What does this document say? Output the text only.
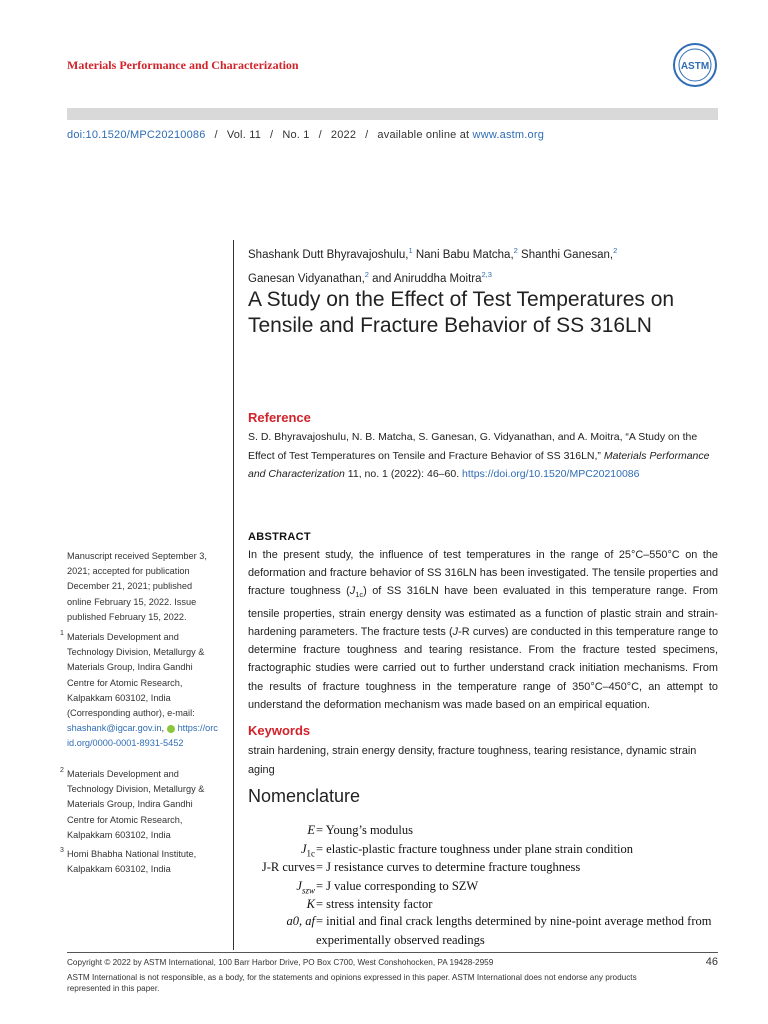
Materials Performance and Characterization	ASTM
doi:10.1520/MPC20210086 / Vol. 11 / No. 1 / 2022 / available online at www.astm.org
Shashank Dutt Bhyravajoshulu,$^1$ Nani Babu Matcha,$^2$ Shanthi Ganesan,$^2$
Ganesan Vidyanathan,$^2$ and Aniruddha Moitra$^{2,3}$
A Study on the Effect of Test Temperatures on Tensile and Fracture Behavior of SS 316LN
Reference
S. D. Bhyravajoshulu, N. B. Matcha, S. Ganesan, G. Vidyanathan, and A. Moitra, “A Study on the Effect of Test Temperatures on Tensile and Fracture Behavior of SS 316LN,” Materials Performance and Characterization 11, no. 1 (2022): 46–60. https://doi.org/10.1520/MPC20210086
ABSTRACT
In the present study, the influence of test temperatures in the range of 25°C–550°C on the deformation and fracture behavior of SS 316LN has been investigated. The tensile properties and fracture toughness $(J_{1c})$ of SS 316LN have been evaluated in this temperature range. From tensile properties, strain energy density was estimated as a function of plastic strain and strain-hardening parameters. The fracture tests (J-R curves) are conducted in this temperature range to determine fracture toughness and tearing resistance. From the fracture tested specimens, fractographic studies were carried out to further understand crack initiation mechanisms. From the results of fracture toughness in the temperature range of 350°C–450°C, an attempt to understand the deformation mechanism was made based on an empirical equation.
Keywords
strain hardening, strain energy density, fracture toughness, tearing resistance, dynamic strain aging
Nomenclature
E = Young’s modulus
$J_{1c}$ = elastic-plastic fracture toughness under plane strain condition
J-R curves = J resistance curves to determine fracture toughness
$J_{szw} = J$ value corresponding to SZW
K = stress intensity factor
a0, af = initial and final crack lengths determined by nine-point average method from
experimentally observed readings
Manuscript received September 3, 2021; accepted for publication December 21, 2021; published online February 15, 2022. Issue published February 15, 2022.
1 Materials Development and Technology Division, Metallurgy & Materials Group, Indira Gandhi Centre for Atomic Research, Kalpakkam 603102, India (Corresponding author), e-mail: shashank@igcar.gov.in, https://orcid.org/0000-0001-8931-5452
2 Materials Development and Technology Division, Metallurgy & Materials Group, Indira Gandhi Centre for Atomic Research, Kalpakkam 603102, India
3 Homi Bhabha National Institute, Kalpakkam 603102, India
Copyright © 2022 by ASTM International, 100 Barr Harbor Drive, PO Box C700, West Conshohocken, PA 19428-2959
ASTM International is not responsible, as a body, for the statements and opinions expressed in this paper. ASTM International does not endorse any products represented in this paper.
46
